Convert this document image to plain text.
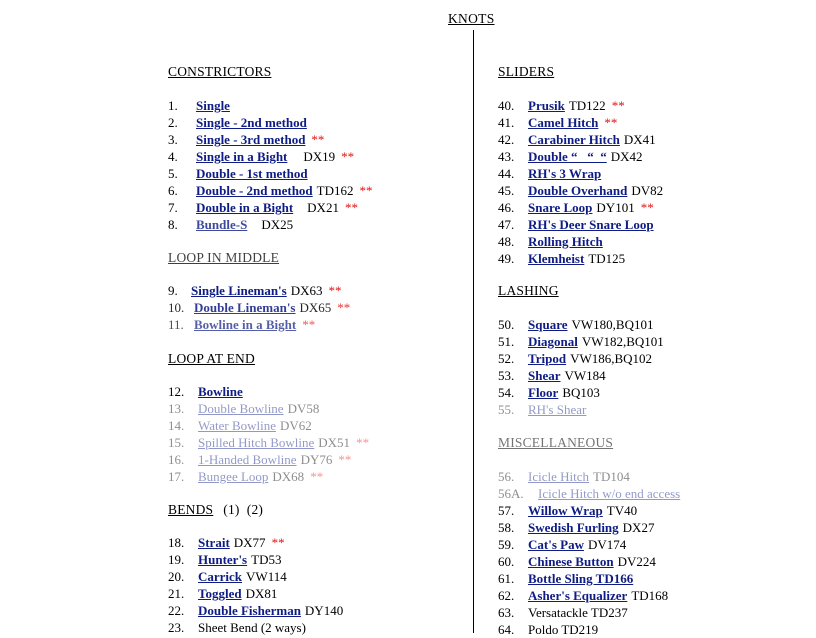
KNOTS
CONSTRICTORS
1. Single
2. Single - 2nd method
3. Single - 3rd method **
4. Single in a Bight DX19 **
5. Double - 1st method
6. Double - 2nd method TD162 **
7. Double in a Bight DX21 **
8. Bundle-S DX25
LOOP IN MIDDLE
9. Single Lineman's DX63 **
10. Double Lineman's DX65 **
11. Bowline in a Bight **
LOOP AT END
12. Bowline
13. Double Bowline DV58
14. Water Bowline DV62
15. Spilled Hitch Bowline DX51 **
16. 1-Handed Bowline DY76 **
17. Bungee Loop DX68 **
BENDS (1)  (2)
18. Strait DX77 **
19. Hunter's TD53
20. Carrick VW114
21. Toggled DX81
22. Double Fisherman DY140
23. Sheet Bend (2 ways)
SLIDERS
40. Prusik TD122 **
41. Camel Hitch **
42. Carabiner Hitch DX41
43. Double “   “  “ DX42
44. RH's 3 Wrap
45. Double Overhand DV82
46. Snare Loop DY101 **
47. RH's Deer Snare Loop
48. Rolling Hitch
49. Klemheist TD125
LASHING
50. Square VW180,BQ101
51. Diagonal VW182,BQ101
52. Tripod VW186,BQ102
53. Shear VW184
54. Floor BQ103
55. RH's Shear
MISCELLANEOUS
56. Icicle Hitch TD104
56A. Icicle Hitch w/o end access
57. Willow Wrap TV40
58. Swedish Furling DX27
59. Cat's Paw DV174
60. Chinese Button DV224
61. Bottle Sling TD166
62. Asher's Equalizer TD168
63. Versatackle TD237
64. Poldo TD219
